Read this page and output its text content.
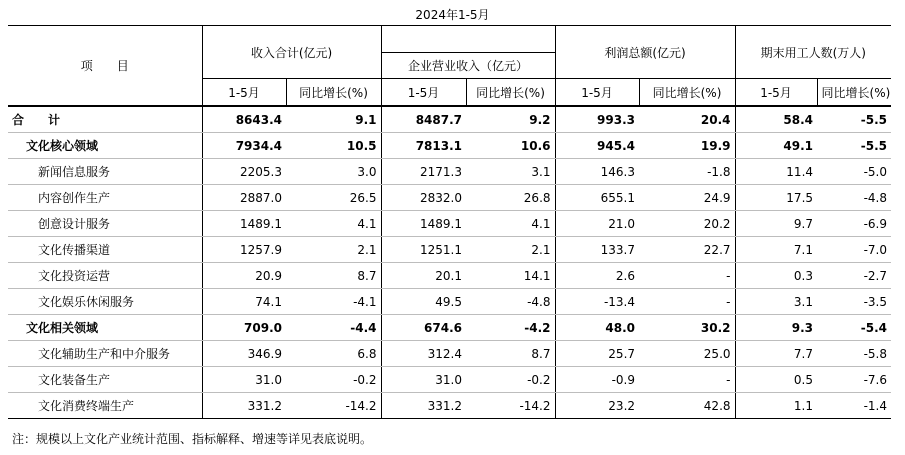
2024年1-5月
项　　目	收入合计(亿元)		企业营业收入（亿元）		利润总额(亿元)		期末用工人数(万人)	
	1-5月	同比增长(%)	1-5月	同比增长(%)	1-5月	同比增长(%)	1-5月	同比增长(%)
合　　计	8643.4	9.1	8487.7	9.2	993.3	20.4	58.4	-5.5
文化核心领域	7934.4	10.5	7813.1	10.6	945.4	19.9	49.1	-5.5
新闻信息服务	2205.3	3.0	2171.3	3.1	146.3	-1.8	11.4	-5.0
内容创作生产	2887.0	26.5	2832.0	26.8	655.1	24.9	17.5	-4.8
创意设计服务	1489.1	4.1	1489.1	4.1	21.0	20.2	9.7	-6.9
文化传播渠道	1257.9	2.1	1251.1	2.1	133.7	22.7	7.1	-7.0
文化投资运营	20.9	8.7	20.1	14.1	2.6	-	0.3	-2.7
文化娱乐休闲服务	74.1	-4.1	49.5	-4.8	-13.4	-	3.1	-3.5
文化相关领域	709.0	-4.4	674.6	-4.2	48.0	30.2	9.3	-5.4
文化辅助生产和中介服务	346.9	6.8	312.4	8.7	25.7	25.0	7.7	-5.8
文化装备生产	31.0	-0.2	31.0	-0.2	-0.9	-	0.5	-7.6
文化消费终端生产	331.2	-14.2	331.2	-14.2	23.2	42.8	1.1	-1.4
注：规模以上文化产业统计范围、指标解释、增速等详见表底说明。
